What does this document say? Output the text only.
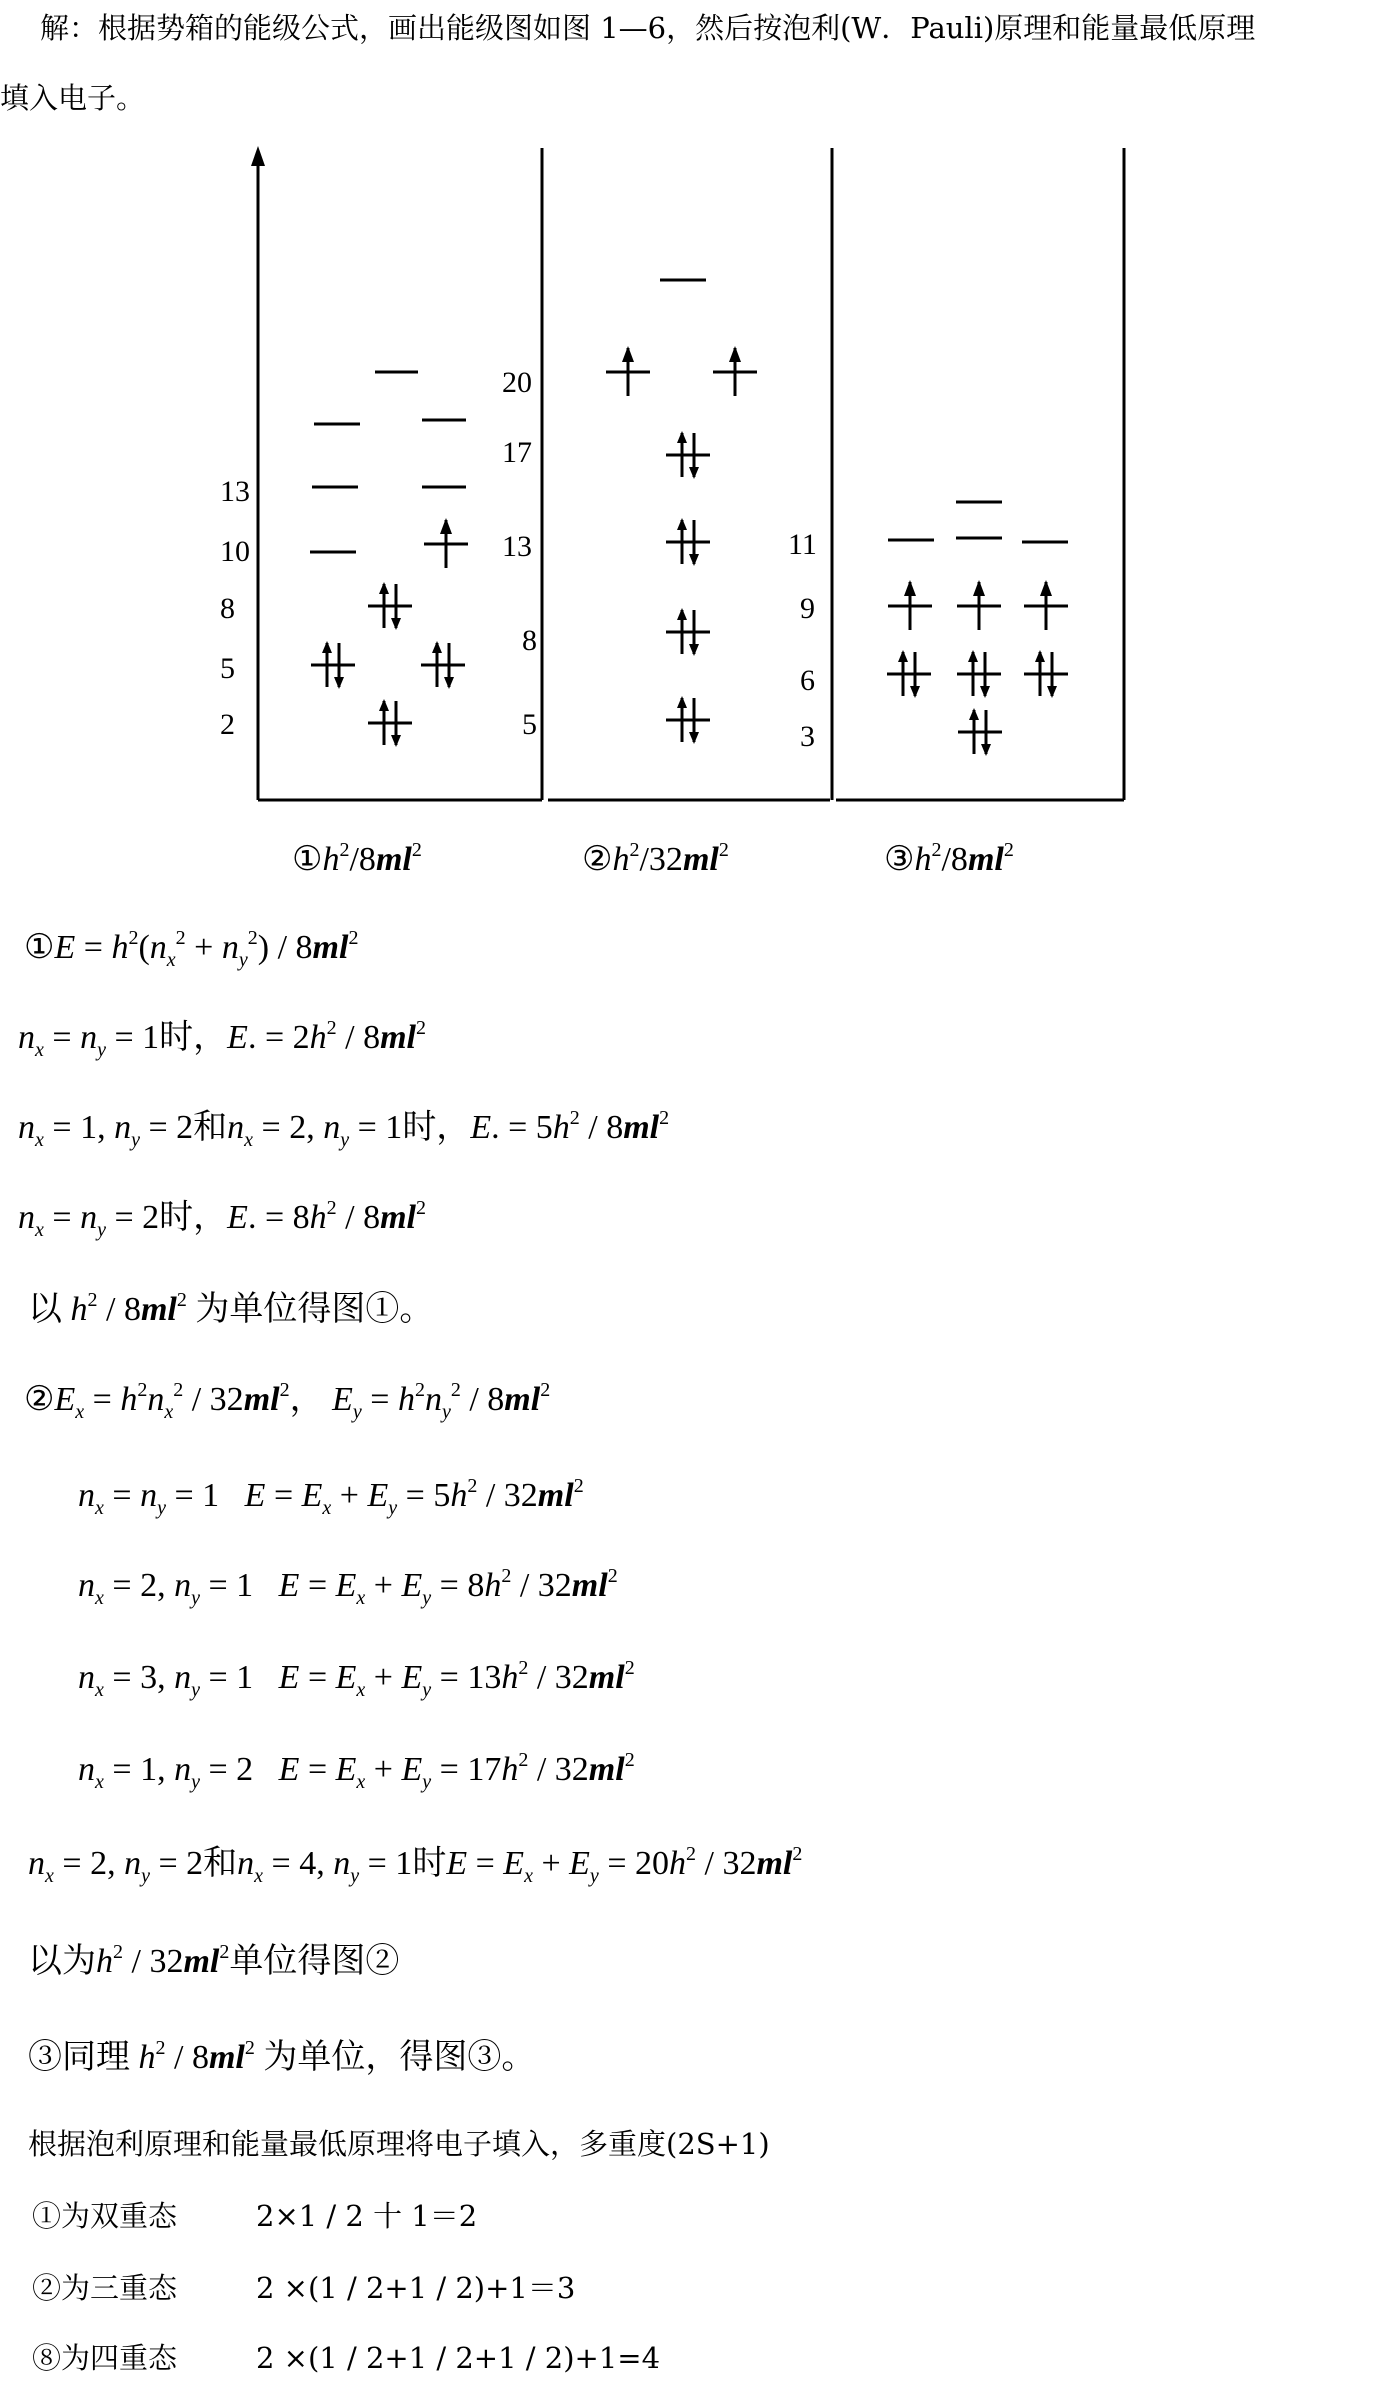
解：根据势箱的能级公式，画出能级图如图 1—6，然后按泡利(W．Pauli)原理和能量最低原理
填入电子。
13
10
8
5
2
20
17
13
8
5
11
9
6
3
$①h^2/8ml^2$	$②h^2/32ml^2$	$③h^2/8ml^2$
①E = $h^2(n_x^2 + n_y^2) / 8ml^2$
$n_x = n_y = 1$时，E. = $2h^2 / 8ml^2$
$n_x = 1$, $n_y = 2$和$n_x = 2$, $n_y = 1$时，E. = $5h^2 / 8ml^2$
$n_x = n_y = 2$时，E. = $8h^2 / 8ml^2$
以 $h^2 / 8ml^2$ 为单位得图①。
$②E_x = h^2n_x^2 / 32ml^2$， $E_y = h^2n_y^2 / 8ml^2$
$n_x = n_y = 1$   $E = E_x + E_y = 5h^2 / 32ml^2$
$n_x = 2$, $n_y = 1$   $E = E_x + E_y = 8h^2 / 32ml^2$
$n_x = 3$, $n_y = 1$   $E = E_x + E_y = 13h^2 / 32ml^2$
$n_x = 1$, $n_y = 2$   $E = E_x + E_y = 17h^2 / 32ml^2$
$n_x = 2$, $n_y = 2$和$n_x = 4$, $n_y = 1$时$E = E_x + E_y = 20h^2 / 32ml^2$
以为$h^2 / 32ml^2$单位得图②
③同理 $h^2 / 8ml^2$ 为单位，得图③。
根据泡利原理和能量最低原理将电子填入，多重度(2S+1)
①为双重态	2×1 / 2 十 1＝2
②为三重态	2 ×(1 / 2+1 / 2)+1＝3
⑧为四重态	2 ×(1 / 2+1 / 2+1 / 2)+1=4
